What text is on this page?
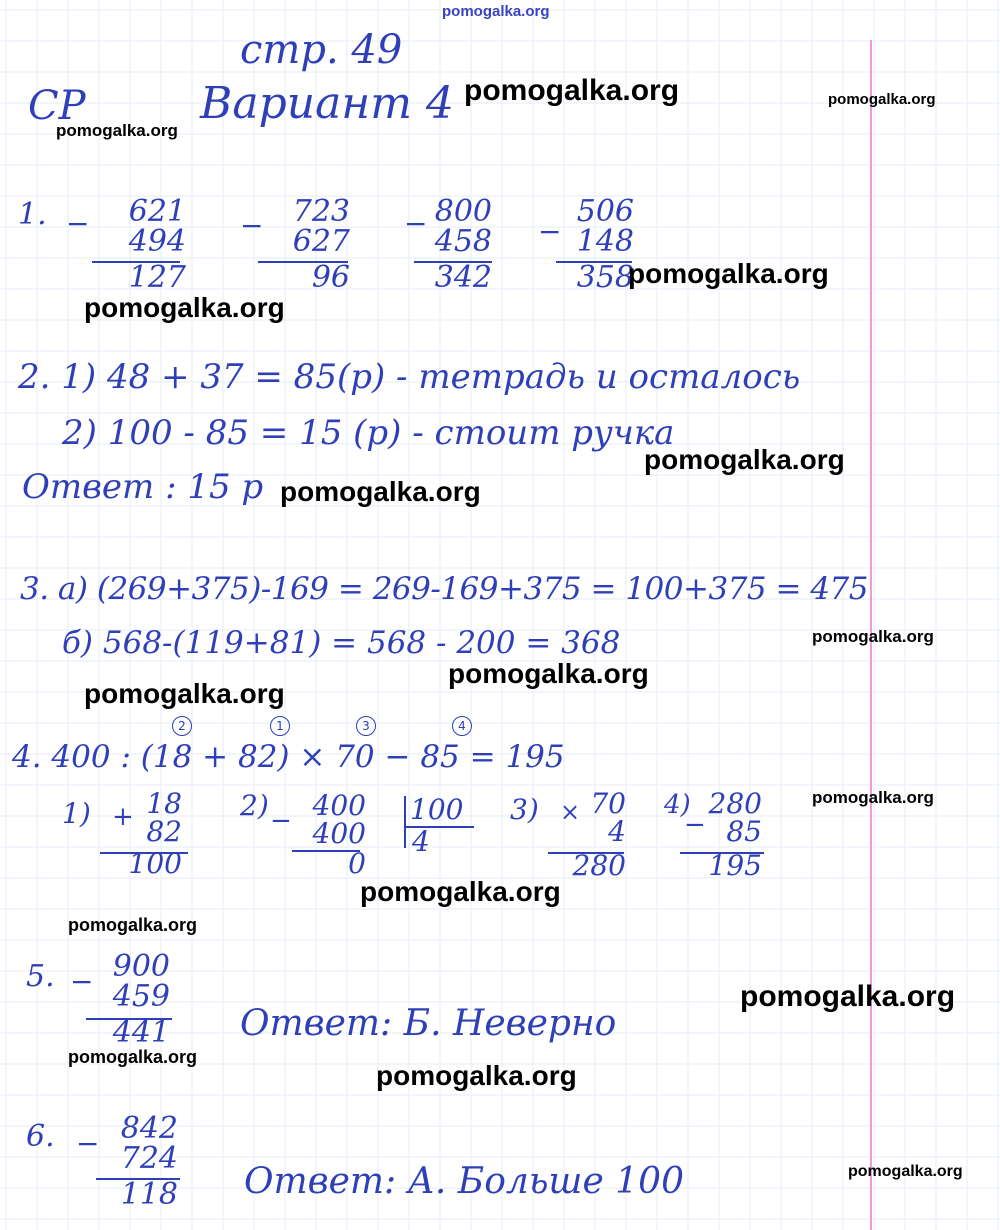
pomogalka.org
стр. 49
СР	Вариант 4
1. −	621
494
127
− 723
627
96
− 800
458
342
−
506
148
358
2. 1) 48 + 37 = 85(р) - тетрадь и осталось
2) 100 - 85 = 15 (р) - стоит ручка
Ответ : 15 р
3. а) (269+375)-169 = 269-169+375 = 100+375 = 475
б) 568-(119+81) = 568 - 200 = 368
4. 400 : (18 + 82) × 70 − 85 = 195
2	1	3	4
1) + 18
82
100
2) − 400
400
0
100
4
3) × 70
4
280
4)
−
280
85
195
5. − 900
459
441 Ответ: Б. Неверно
6. − 842
724
118 Ответ: А. Больше 100
pomogalka.org	pomogalka.org
pomogalka.org
pomogalka.org
pomogalka.org
pomogalka.org
pomogalka.org
pomogalka.org
pomogalka.org
pomogalka.org
pomogalka.org
pomogalka.org
pomogalka.org
pomogalka.org
pomogalka.org
pomogalka.org
pomogalka.org
